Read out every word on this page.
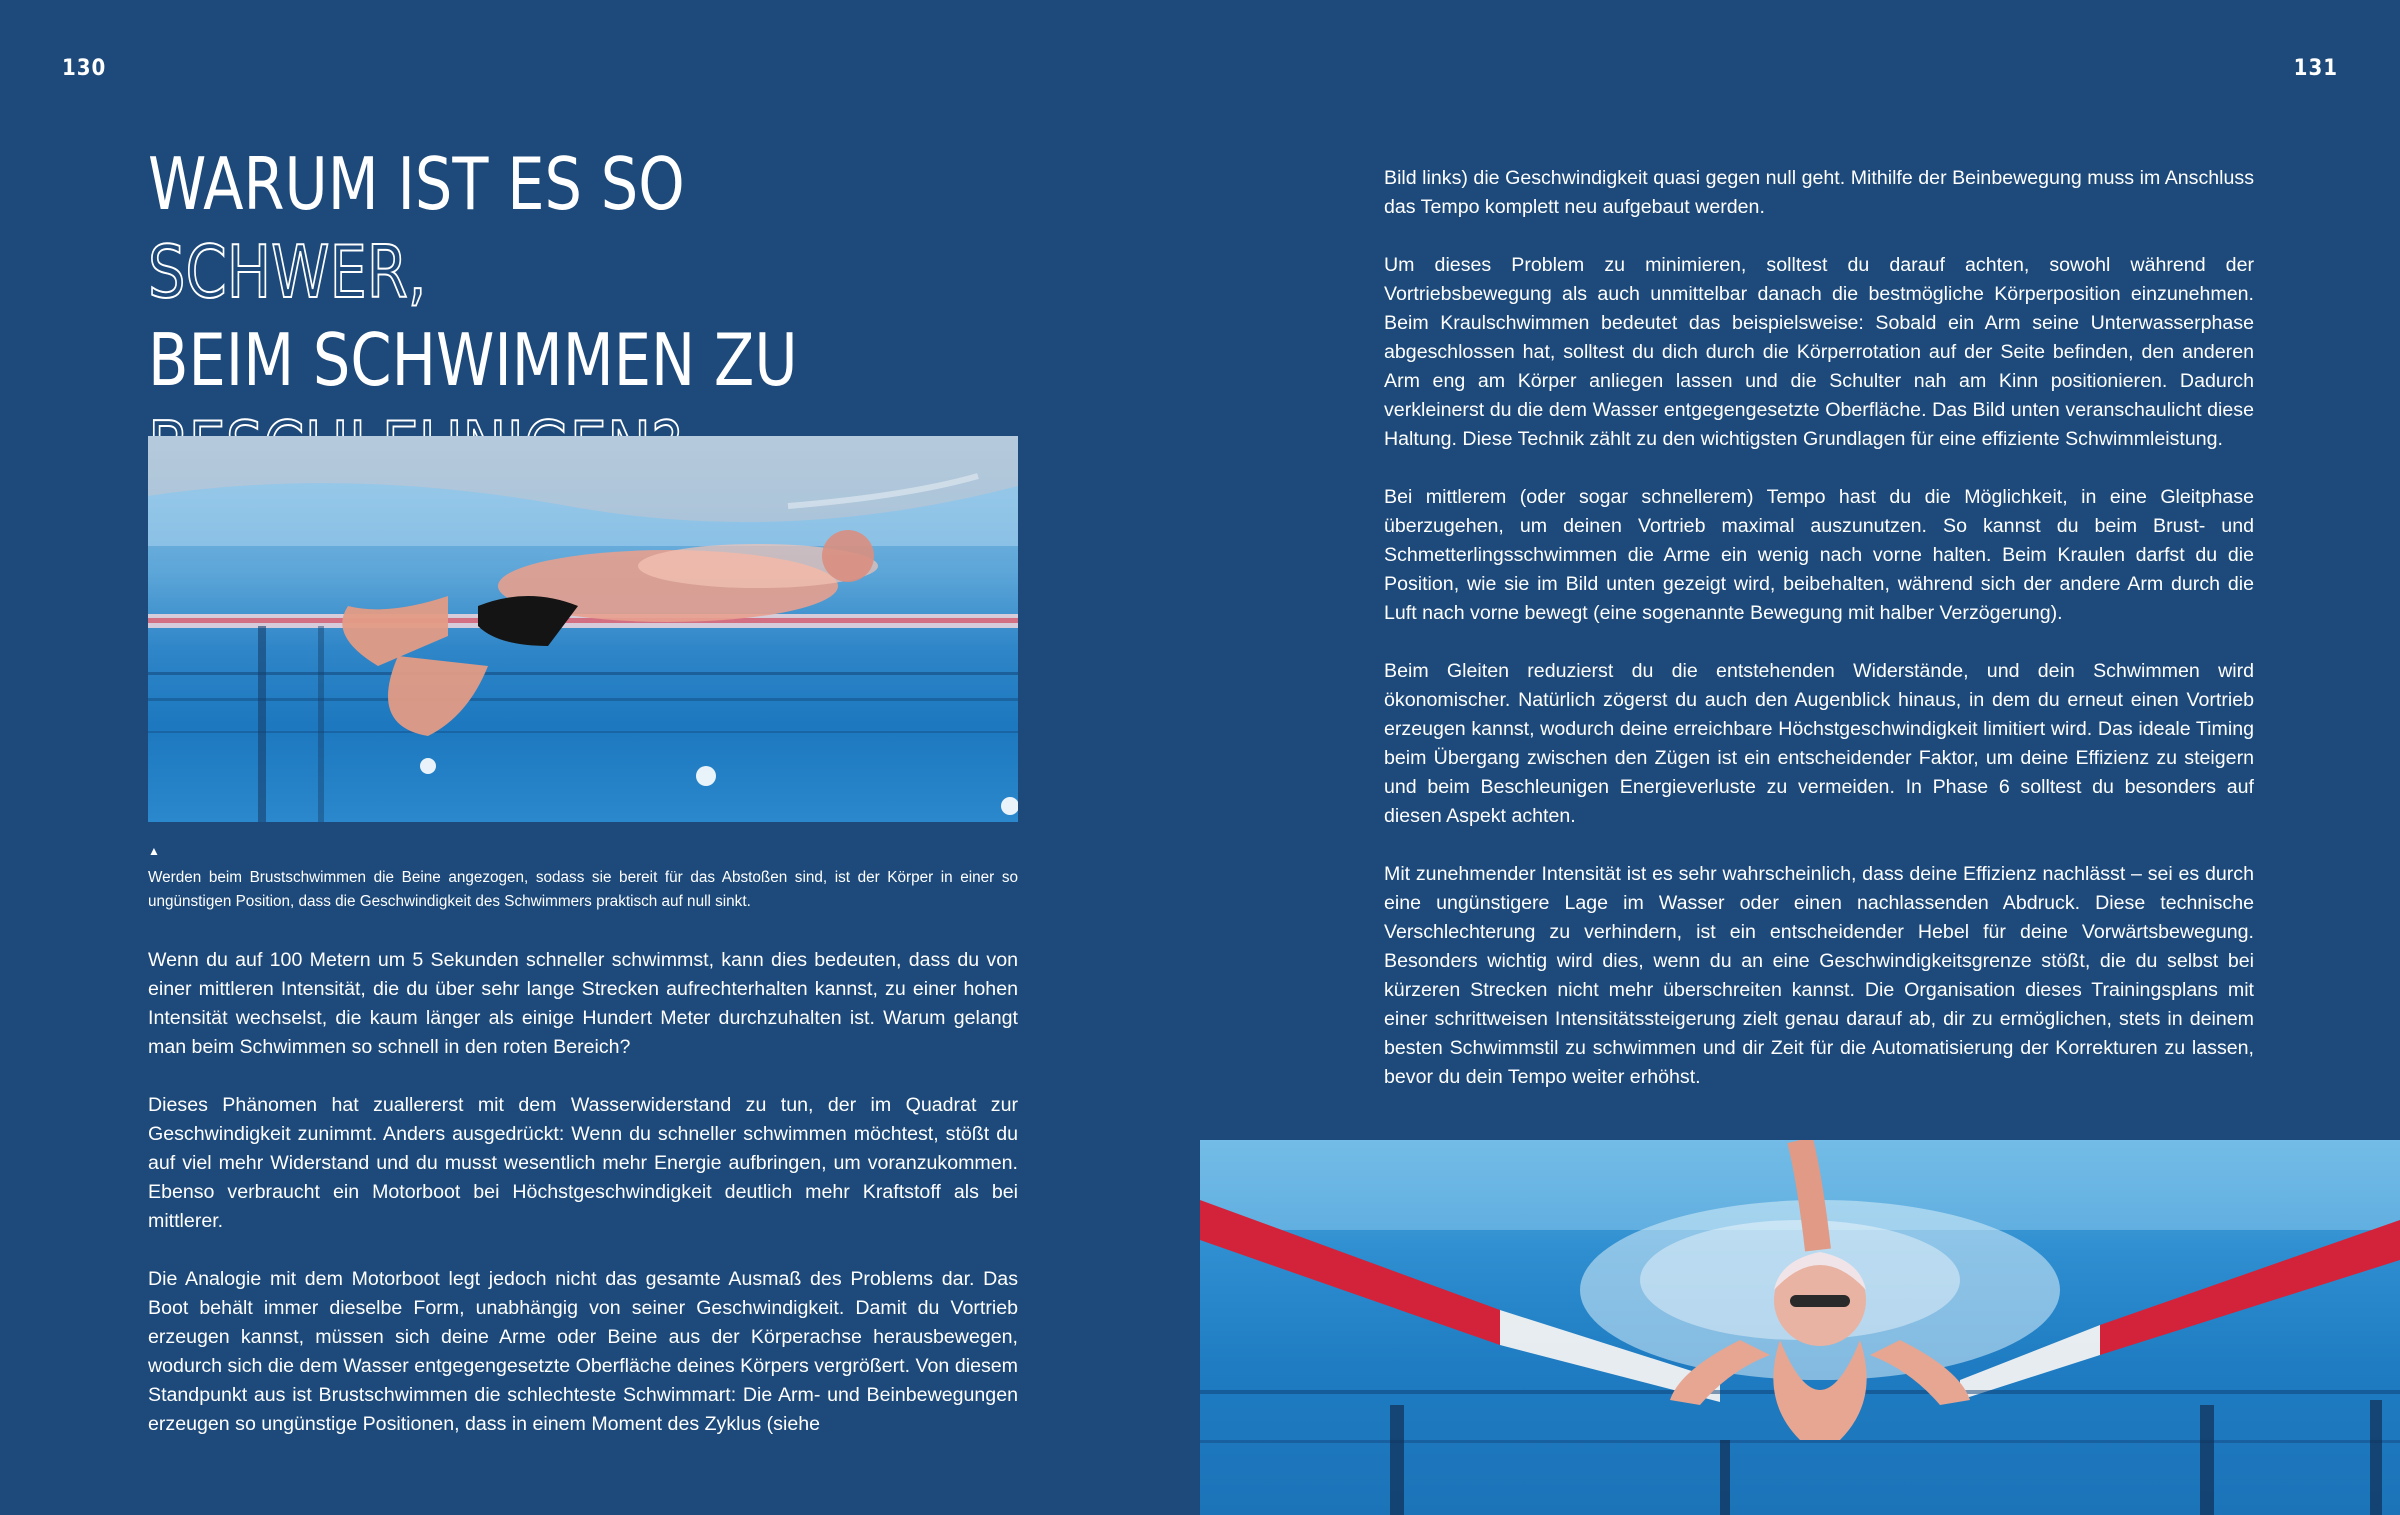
130	131
WARUM IST ES SO SCHWER,
BEIM SCHWIMMEN ZU

▲

Werden beim Brustschwimmen die Beine angezogen, sodass sie bereit für das Abstoßen sind, ist der Körper in einer so ungünstigen Position, dass die Geschwindigkeit des Schwimmers praktisch auf null sinkt.

Wenn du auf 100 Metern um 5 Sekunden schneller schwimmst, kann dies bedeuten, dass du von einer mittleren Intensität, die du über sehr lange Strecken aufrechterhalten kannst, zu einer hohen Intensität wechselst, die kaum länger als einige Hundert Meter durchzuhalten ist. Warum gelangt man beim Schwimmen so schnell in den roten Bereich?

Dieses Phänomen hat zuallererst mit dem Wasserwiderstand zu tun, der im Quadrat zur Geschwindigkeit zunimmt. Anders ausgedrückt: Wenn du schneller schwimmen möchtest, stößt du auf viel mehr Widerstand und du musst wesentlich mehr Energie aufbringen, um voranzukommen. Ebenso verbraucht ein Motorboot bei Höchstgeschwindigkeit deutlich mehr Kraftstoff als bei mittlerer.

Die Analogie mit dem Motorboot legt jedoch nicht das gesamte Ausmaß des Problems dar. Das Boot behält immer dieselbe Form, unabhängig von seiner Geschwindigkeit. Damit du Vortrieb erzeugen kannst, müssen sich deine Arme oder Beine aus der Körperachse herausbewegen, wodurch sich die dem Wasser entgegengesetzte Oberfläche deines Körpers vergrößert. Von diesem Standpunkt aus ist Brustschwimmen die schlechteste Schwimmart: Die Arm- und Beinbewegungen erzeugen so ungünstige Positionen, dass in einem Moment des Zyklus (siehe

Bild links) die Geschwindigkeit quasi gegen null geht. Mithilfe der Beinbewegung muss im Anschluss das Tempo komplett neu aufgebaut werden.

Um dieses Problem zu minimieren, solltest du darauf achten, sowohl während der Vortriebsbewegung als auch unmittelbar danach die bestmögliche Körperposition einzunehmen. Beim Kraulschwimmen bedeutet das beispielsweise: Sobald ein Arm seine Unterwasserphase abgeschlossen hat, solltest du dich durch die Körperrotation auf der Seite befinden, den anderen Arm eng am Körper anliegen lassen und die Schulter nah am Kinn positionieren. Dadurch verkleinerst du die dem Wasser entgegengesetzte Oberfläche. Das Bild unten veranschaulicht diese Haltung. Diese Technik zählt zu den wichtigsten Grundlagen für eine effiziente Schwimmleistung.

Bei mittlerem (oder sogar schnellerem) Tempo hast du die Möglichkeit, in eine Gleitphase überzugehen, um deinen Vortrieb maximal auszunutzen. So kannst du beim Brust- und Schmetterlingsschwimmen die Arme ein wenig nach vorne halten. Beim Kraulen darfst du die Position, wie sie im Bild unten gezeigt wird, beibehalten, während sich der andere Arm durch die Luft nach vorne bewegt (eine sogenannte Bewegung mit halber Verzögerung).

Beim Gleiten reduzierst du die entstehenden Widerstände, und dein Schwimmen wird ökonomischer. Natürlich zögerst du auch den Augenblick hinaus, in dem du erneut einen Vortrieb erzeugen kannst, wodurch deine erreichbare Höchstgeschwindigkeit limitiert wird. Das ideale Timing beim Übergang zwischen den Zügen ist ein entscheidender Faktor, um deine Effizienz zu steigern und beim Beschleunigen Energieverluste zu vermeiden. In Phase 6 solltest du besonders auf diesen Aspekt achten.

Mit zunehmender Intensität ist es sehr wahrscheinlich, dass deine Effizienz nachlässt – sei es durch eine ungünstigere Lage im Wasser oder einen nachlassenden Abdruck. Diese technische Verschlechterung zu verhindern, ist ein entscheidender Hebel für deine Vorwärtsbewegung. Besonders wichtig wird dies, wenn du an eine Geschwindigkeitsgrenze stößt, die du selbst bei kürzeren Strecken nicht mehr überschreiten kannst. Die Organisation dieses Trainingsplans mit einer schrittweisen Intensitätssteigerung zielt genau darauf ab, dir zu ermöglichen, stets in deinem besten Schwimmstil zu schwimmen und dir Zeit für die Automatisierung der Korrekturen zu lassen, bevor du dein Tempo weiter erhöhst.
